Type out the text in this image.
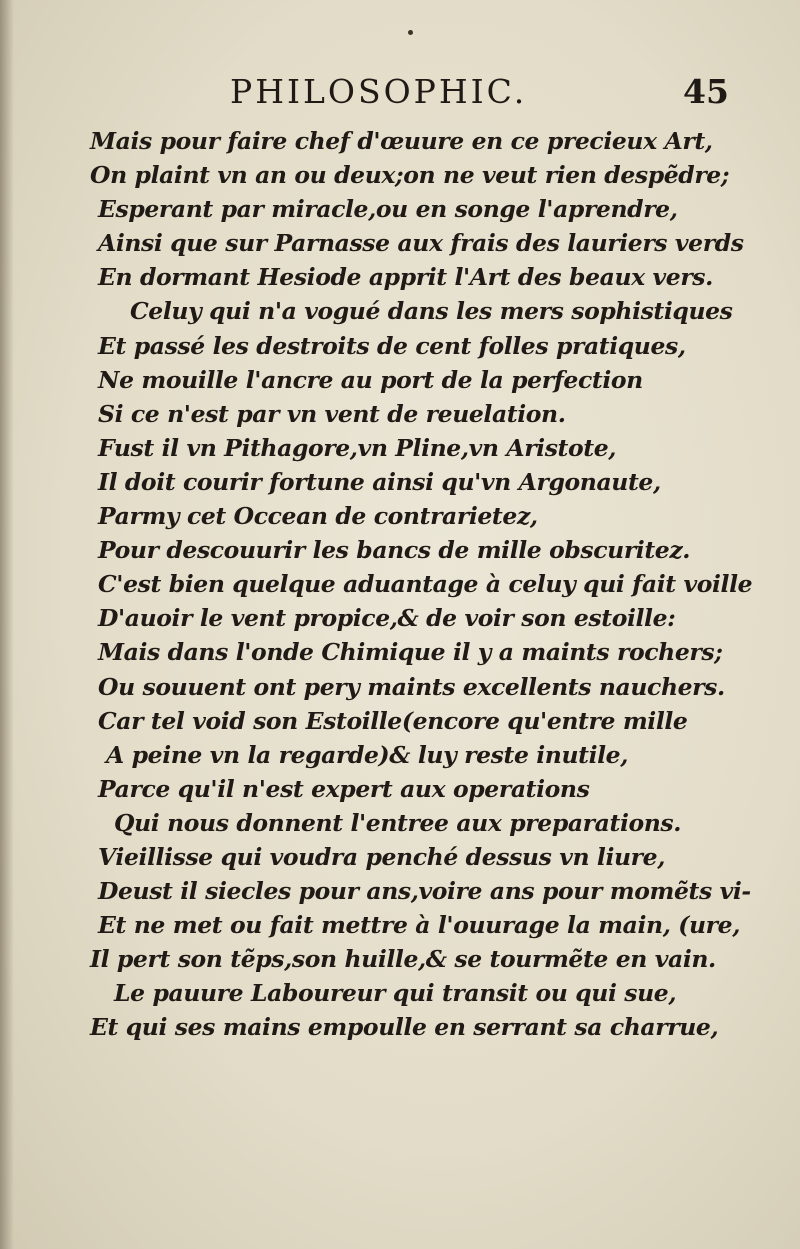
PHILOSOPHIC.	45
Mais pour faire chef d'œuure en ce precieux Art,
On plaint vn an ou deux;on ne veut rien despẽdre;
Esperant par miracle,ou en songe l'aprendre,
Ainsi que sur Parnasse aux frais des lauriers verds
En dormant Hesiode apprit l'Art des beaux vers.
Celuy qui n'a vogué dans les mers sophistiques
Et passé les destroits de cent folles pratiques,
Ne mouille l'ancre au port de la perfection
Si ce n'est par vn vent de reuelation.
Fust il vn Pithagore,vn Pline,vn Aristote,
Il doit courir fortune ainsi qu'vn Argonaute,
Parmy cet Occean de contrarietez,
Pour descouurir les bancs de mille obscuritez.
C'est bien quelque aduantage à celuy qui fait voille
D'auoir le vent propice,& de voir son estoille:
Mais dans l'onde Chimique il y a maints rochers;
Ou souuent ont pery maints excellents nauchers.
Car tel void son Estoille(encore qu'entre mille
A peine vn la regarde)& luy reste inutile,
Parce qu'il n'est expert aux operations
Qui nous donnent l'entree aux preparations.
Vieillisse qui voudra penché dessus vn liure,
Deust il siecles pour ans,voire ans pour momẽts vi-
Et ne met ou fait mettre à l'ouurage la main, (ure,
Il pert son tẽps,son huille,& se tourmẽte en vain.
Le pauure Laboureur qui transit ou qui sue,
Et qui ses mains empoulle en serrant sa charrue,
